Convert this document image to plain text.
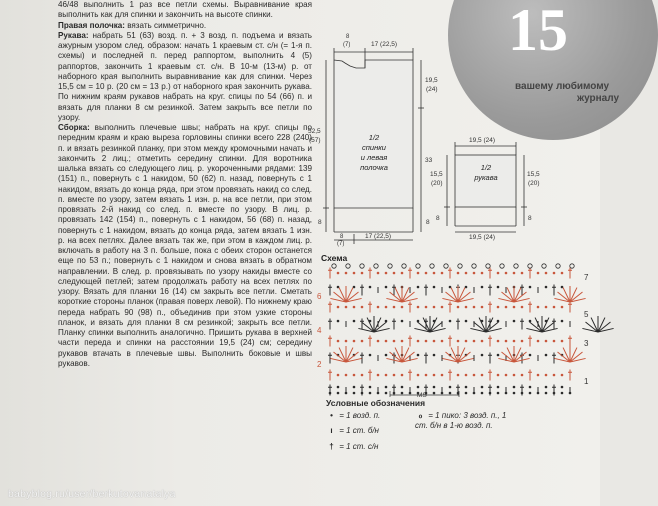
15
вашему любимому
журналу

46/48 выполнить 1 раз все петли схемы. Выравнивание края выполнить как для спинки и закончить на высоте спинки.

Правая полочка: вязать симметрично.

Рукава: набрать 51 (63) возд. п. + 3 возд. п. подъема и вязать ажурным узором след. образом: начать 1 краевым ст. с/н (= 1-я п. схемы) и последней п. перед раппортом, выполнить 4 (5) раппортов, закончить 1 краевым ст. с/н. В 10-м (13-м) р. от наборного края выполнить выравнивание как для спинки. Через 15,5 см = 10 р. (20 см = 13 р.) от наборного края закончить рукава. По нижним краям рукавов набрать на круг. спицы по 54 (66) п. и вязать для планки 8 см резинкой. Затем закрыть все петли по узору.

Сборка: выполнить плечевые швы; набрать на круг. спицы по передним краям и краю выреза горловины спинки всего 228 (240) п. и вязать резинкой планку, при этом между кромочными начать и закончить 2 лиц.; отметить середину спинки. Для воротника шалька вязать со следующего лиц. р. укороченными рядами: 139 (151) п., повернуть с 1 накидом, 50 (62) п. назад, повернуть с 1 накидом, вязать до конца ряда, при этом провязать накид со след. п. вместе по узору, затем вязать 1 изн. р. на все петли, при этом провязать 2-й накид со след. п. вместе по узору. В лиц. р. провязать 142 (154) п., повернуть с 1 накидом, 56 (68) п. назад, повернуть с 1 накидом, вязать до конца ряда, затем вязать 1 изн. р. на всех петлях. Далее вязать так же, при этом в каждом лиц. р. включать в работу на 3 п. больше, пока с обеих сторон останется еще по 53 п.; повернуть с 1 накидом и снова вязать в обратном направлении. В след. р. провязывать по узору накиды вместе со следующей петлей; затем продолжать работу на всех петлях по узору. Вязать для планки 16 (14) см закрыть все петли. Сметать короткие стороны планок (правая поверх левой). По нижнему краю переда набрать 90 (98) п., объединив при этом узкие стороны планок, и вязать для планки 8 см резинкой; закрыть все петли. Планку спинки выполнить аналогично. Пришить рукава в верхней части переда и спинки на расстоянии 19,5 (24) см; середину рукавов втачать в плечевые швы. Выполнить боковые и швы рукавов.

8
(7)	17 (22,5)
1/2 спинки и левая полочка
19,5
(24)
33
8
52,5
(57)
8
8
(7)
17 (22,5)
19,5 (24)
1/2 рукава
15,5
(20)
8
15,5
(20)
8
19,5 (24)
Схема
MS
7
5
3
1
6
4
2
Условные обозначения
• = 1 возд. п.
ı = 1 ст. б/н
† = 1 ст. с/н
ℴ = 1 пико: 3 возд. п., 1 ст. б/н в 1-ю возд. п.
babyblog.ru/user/berkutovanatalya
